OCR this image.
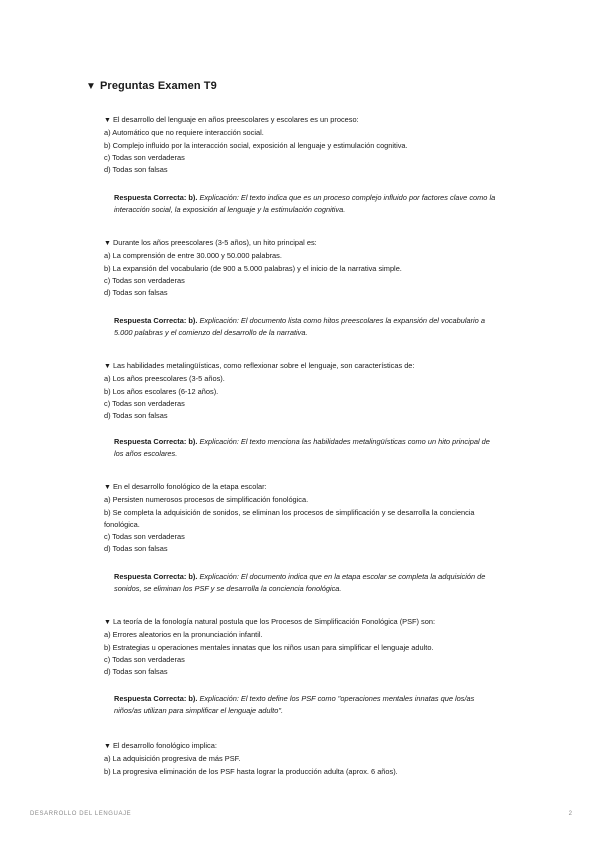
▼ Preguntas Examen T9

▼ El desarrollo del lenguaje en años preescolares y escolares es un proceso:

a) Automático que no requiere interacción social.

b) Complejo influido por la interacción social, exposición al lenguaje y estimulación cognitiva.

c) Todas son verdaderas

d) Todas son falsas

Respuesta Correcta: b). Explicación: El texto indica que es un proceso complejo influido por factores clave como la interacción social, la exposición al lenguaje y la estimulación cognitiva.

▼ Durante los años preescolares (3-5 años), un hito principal es:

a) La comprensión de entre 30.000 y 50.000 palabras.

b) La expansión del vocabulario (de 900 a 5.000 palabras) y el inicio de la narrativa simple.

c) Todas son verdaderas

d) Todas son falsas

Respuesta Correcta: b). Explicación: El documento lista como hitos preescolares la expansión del vocabulario a 5.000 palabras y el comienzo del desarrollo de la narrativa.

▼ Las habilidades metalingüísticas, como reflexionar sobre el lenguaje, son características de:

a) Los años preescolares (3-5 años).

b) Los años escolares (6-12 años).

c) Todas son verdaderas

d) Todas son falsas

Respuesta Correcta: b). Explicación: El texto menciona las habilidades metalingüísticas como un hito principal de los años escolares.

▼ En el desarrollo fonológico de la etapa escolar:

a) Persisten numerosos procesos de simplificación fonológica.

b) Se completa la adquisición de sonidos, se eliminan los procesos de simplificación y se desarrolla la conciencia fonológica.

c) Todas son verdaderas

d) Todas son falsas

Respuesta Correcta: b). Explicación: El documento indica que en la etapa escolar se completa la adquisición de sonidos, se eliminan los PSF y se desarrolla la conciencia fonológica.

▼ La teoría de la fonología natural postula que los Procesos de Simplificación Fonológica (PSF) son:

a) Errores aleatorios en la pronunciación infantil.

b) Estrategias u operaciones mentales innatas que los niños usan para simplificar el lenguaje adulto.

c) Todas son verdaderas

d) Todas son falsas

Respuesta Correcta: b). Explicación: El texto define los PSF como "operaciones mentales innatas que los/as niños/as utilizan para simplificar el lenguaje adulto".

▼ El desarrollo fonológico implica:

a) La adquisición progresiva de más PSF.

b) La progresiva eliminación de los PSF hasta lograr la producción adulta (aprox. 6 años).

DESARROLLO DEL LENGUAJE	2
